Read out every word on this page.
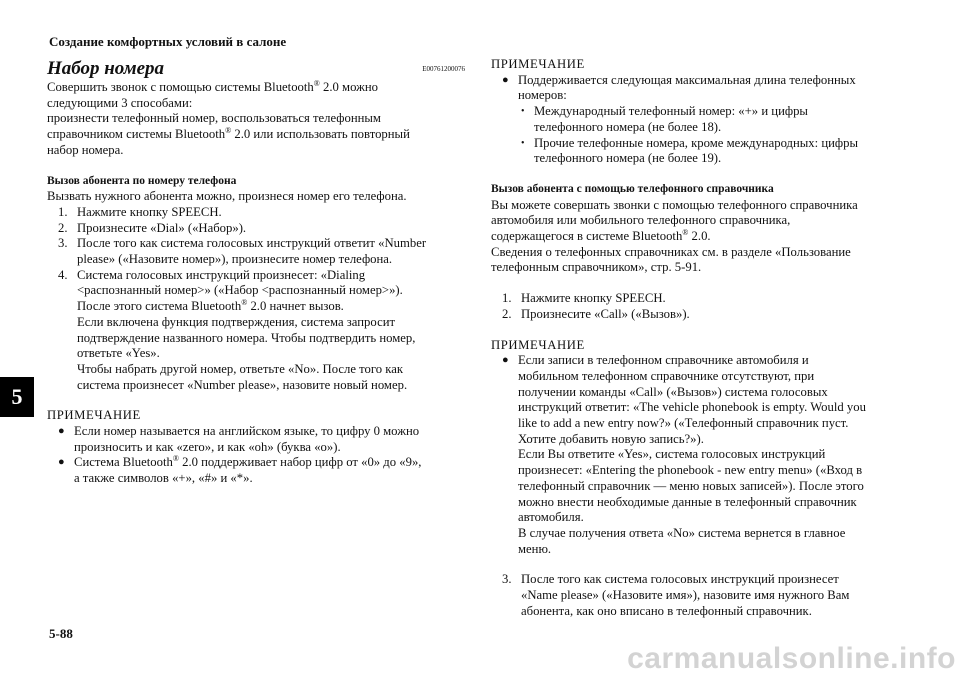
Создание комфортных условий в салоне
5
5-88
carmanualsonline.info
Набор номера	E00761200076

Совершить звонок с помощью системы Bluetooth® 2.0 можно

следующими 3 способами:

произнести телефонный номер, воспользоваться телефонным

справочником системы Bluetooth® 2.0 или использовать повторный

набор номера.

Вызов абонента по номеру телефона

Вызвать нужного абонента можно, произнеся номер его телефона.

1. Нажмите кнопку SPEECH.

2. Произнесите «Dial» («Набор»).

3. После того как система голосовых инструкций ответит «Number

please» («Назовите номер»), произнесите номер телефона.

4. Система голосовых инструкций произнесет: «Dialing

<распознанный номер>» («Набор <распознанный номер>»).

После этого система Bluetooth® 2.0 начнет вызов.

Если включена функция подтверждения, система запросит

подтверждение названного номера. Чтобы подтвердить номер,

ответьте «Yes».

Чтобы набрать другой номер, ответьте «No». После того как

система произнесет «Number please», назовите новый номер.

ПРИМЕЧАНИЕ

● Если номер называется на английском языке, то цифру 0 можно

произносить и как «zero», и как «oh» (буква «o»).

● Система Bluetooth® 2.0 поддерживает набор цифр от «0» до «9»,

а также символов «+», «#» и «*».

ПРИМЕЧАНИЕ

● Поддерживается следующая максимальная длина телефонных

номеров:

• Международный телефонный номер: «+» и цифры

телефонного номера (не более 18).

• Прочие телефонные номера, кроме международных: цифры

телефонного номера (не более 19).

Вызов абонента с помощью телефонного справочника

Вы можете совершать звонки с помощью телефонного справочника

автомобиля или мобильного телефонного справочника,

содержащегося в системе Bluetooth® 2.0.

Сведения о телефонных справочниках см. в разделе «Пользование

телефонным справочником», стр. 5-91.

1. Нажмите кнопку SPEECH.

2. Произнесите «Call» («Вызов»).

ПРИМЕЧАНИЕ

● Если записи в телефонном справочнике автомобиля и

мобильном телефонном справочнике отсутствуют, при

получении команды «Call» («Вызов») система голосовых

инструкций ответит: «The vehicle phonebook is empty. Would you

like to add a new entry now?» («Телефонный справочник пуст.

Хотите добавить новую запись?»).

Если Вы ответите «Yes», система голосовых инструкций

произнесет: «Entering the phonebook - new entry menu» («Вход в

телефонный справочник — меню новых записей»). После этого

можно внести необходимые данные в телефонный справочник

автомобиля.

В случае получения ответа «No» система вернется в главное

меню.

3. После того как система голосовых инструкций произнесет

«Name please» («Назовите имя»), назовите имя нужного Вам

абонента, как оно вписано в телефонный справочник.
